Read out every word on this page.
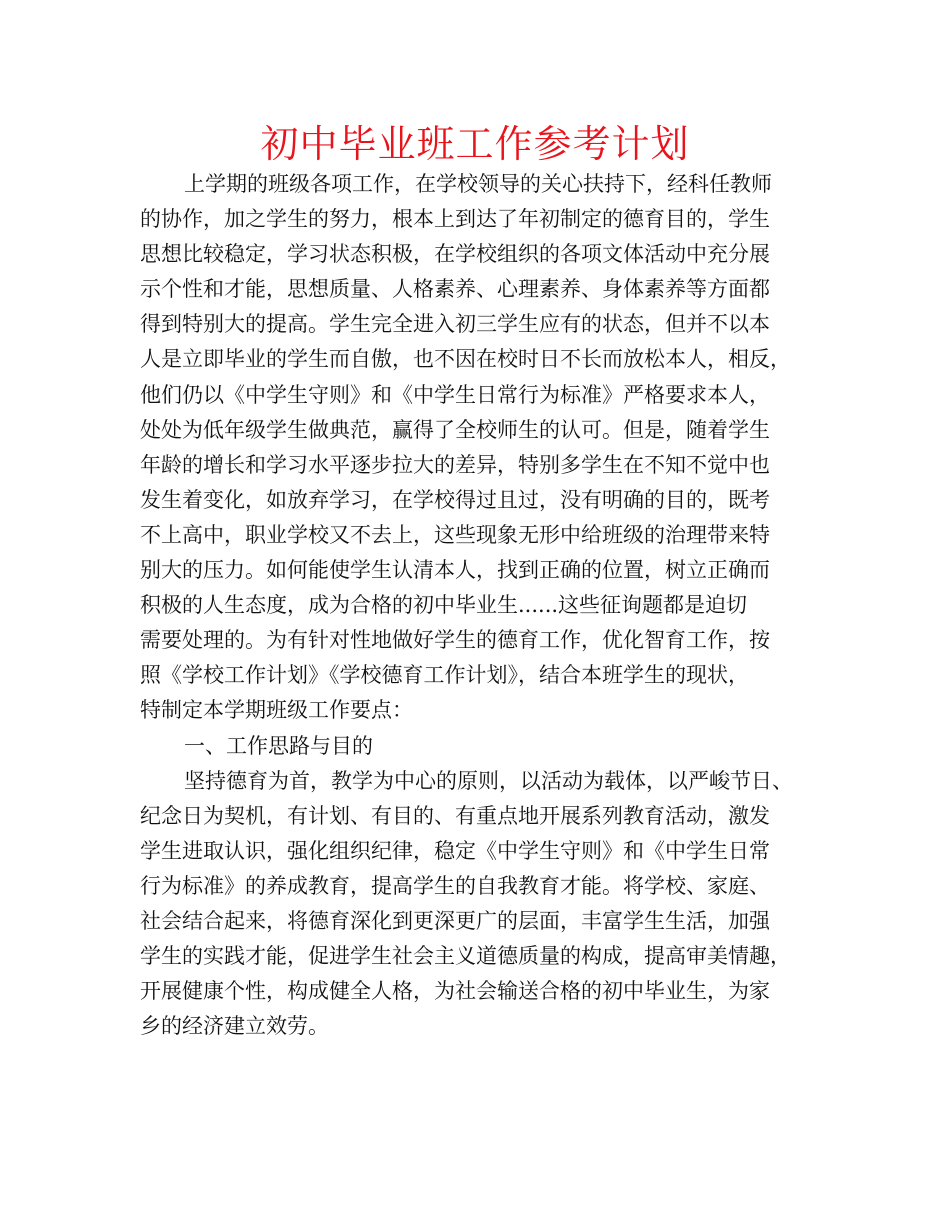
初中毕业班工作参考计划
上学期的班级各项工作，在学校领导的关心扶持下，经科任教师
的协作，加之学生的努力，根本上到达了年初制定的德育目的，学生
思想比较稳定，学习状态积极，在学校组织的各项文体活动中充分展
示个性和才能，思想质量、人格素养、心理素养、身体素养等方面都
得到特别大的提高。学生完全进入初三学生应有的状态，但并不以本
人是立即毕业的学生而自傲，也不因在校时日不长而放松本人，相反，
他们仍以《中学生守则》和《中学生日常行为标准》严格要求本人，
处处为低年级学生做典范，赢得了全校师生的认可。但是，随着学生
年龄的增长和学习水平逐步拉大的差异，特别多学生在不知不觉中也
发生着变化，如放弃学习，在学校得过且过，没有明确的目的，既考
不上高中，职业学校又不去上，这些现象无形中给班级的治理带来特
别大的压力。如何能使学生认清本人，找到正确的位置，树立正确而
积极的人生态度，成为合格的初中毕业生......这些征询题都是迫切
需要处理的。为有针对性地做好学生的德育工作，优化智育工作，按
照《学校工作计划》《学校德育工作计划》，结合本班学生的现状，
特制定本学期班级工作要点：
一、工作思路与目的
坚持德育为首，教学为中心的原则，以活动为载体，以严峻节日、
纪念日为契机，有计划、有目的、有重点地开展系列教育活动，激发
学生进取认识，强化组织纪律，稳定《中学生守则》和《中学生日常
行为标准》的养成教育，提高学生的自我教育才能。将学校、家庭、
社会结合起来，将德育深化到更深更广的层面，丰富学生生活，加强
学生的实践才能，促进学生社会主义道德质量的构成，提高审美情趣，
开展健康个性，构成健全人格，为社会输送合格的初中毕业生，为家
乡的经济建立效劳。
